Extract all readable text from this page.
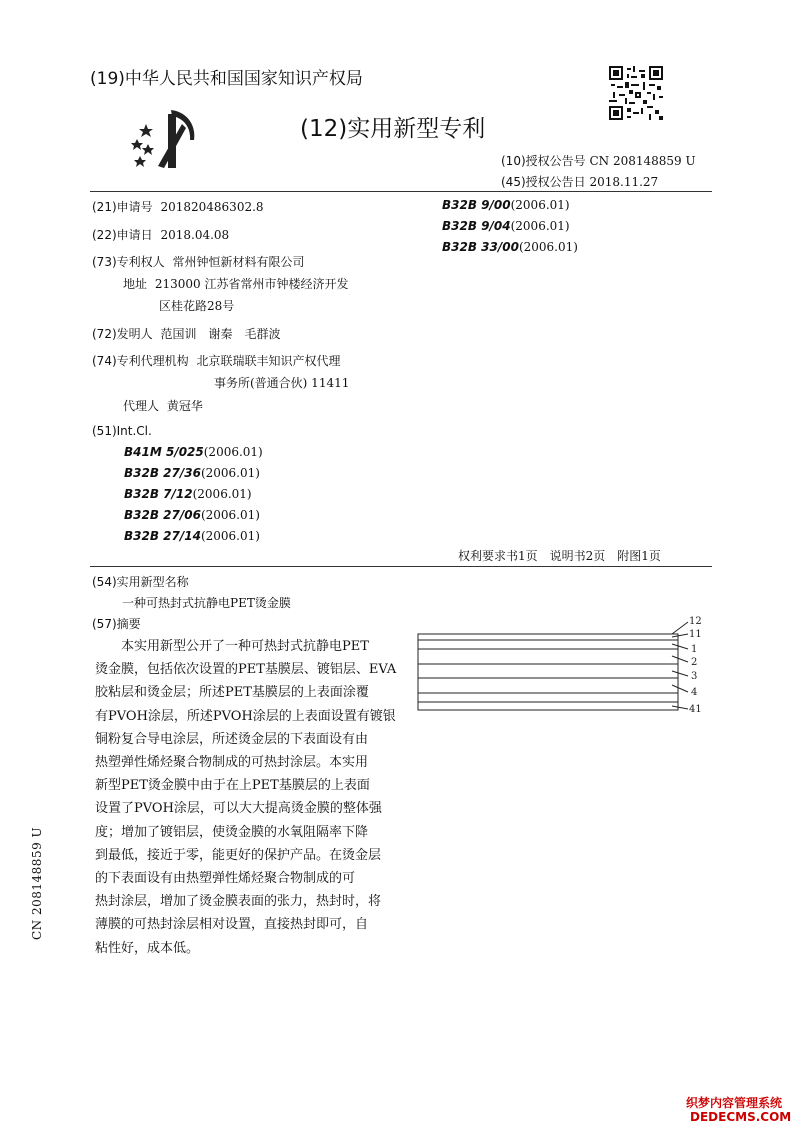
(19)中华人民共和国国家知识产权局
(12)实用新型专利
(10)授权公告号 CN 208148859 U
(45)授权公告日 2018.11.27
(21)申请号 201820486302.8
(22)申请日 2018.04.08
(73)专利权人 常州钟恒新材料有限公司
地址 213000 江苏省常州市钟楼经济开发
区桂花路28号
(72)发明人 范国训　谢秦　毛群波
(74)专利代理机构 北京联瑞联丰知识产权代理
事务所(普通合伙) 11411
代理人 黄冠华
(51)Int.Cl.
B41M 5/025(2006.01)
B32B 27/36(2006.01)
B32B 7/12(2006.01)
B32B 27/06(2006.01)
B32B 27/14(2006.01)
B32B 9/00(2006.01)
B32B 9/04(2006.01)
B32B 33/00(2006.01)
权利要求书1页　说明书2页　附图1页
(54)实用新型名称
一种可热封式抗静电PET烫金膜
(57)摘要
本实用新型公开了一种可热封式抗静电PET
烫金膜，包括依次设置的PET基膜层、镀铝层、EVA
胶粘层和烫金层；所述PET基膜层的上表面涂覆
有PVOH涂层，所述PVOH涂层的上表面设置有镀银
铜粉复合导电涂层，所述烫金层的下表面设有由
热塑弹性烯烃聚合物制成的可热封涂层。本实用
新型PET烫金膜中由于在上PET基膜层的上表面
设置了PVOH涂层，可以大大提高烫金膜的整体强
度；增加了镀铝层，使烫金膜的水氧阻隔率下降
到最低，接近于零，能更好的保护产品。在烫金层
的下表面设有由热塑弹性烯烃聚合物制成的可
热封涂层，增加了烫金膜表面的张力，热封时，将
薄膜的可热封涂层相对设置，直接热封即可，自
粘性好，成本低。
12
11
1
2
3
4
41
CN 208148859 U
织梦内容管理系统
DEDECMS.COM
